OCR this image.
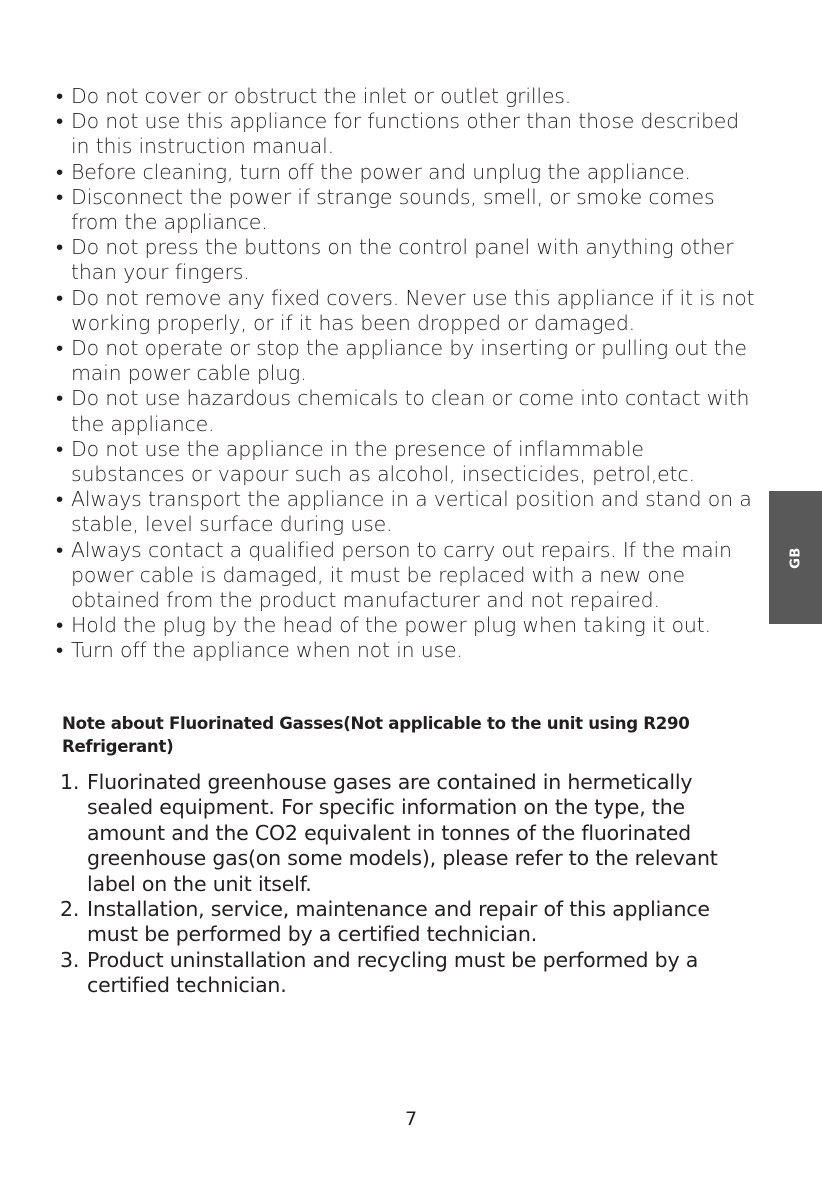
• Do not cover or obstruct the inlet or outlet grilles.
• Do not use this appliance for functions other than those described in this instruction manual.
• Before cleaning, turn off the power and unplug the appliance.
• Disconnect the power if strange sounds, smell, or smoke comes from the appliance.
• Do not press the buttons on the control panel with anything other than your fingers.
• Do not remove any fixed covers. Never use this appliance if it is not working properly, or if it has been dropped or damaged.
• Do not operate or stop the appliance by inserting or pulling out the main power cable plug.
• Do not use hazardous chemicals to clean or come into contact with the appliance.
• Do not use the appliance in the presence of inflammable substances or vapour such as alcohol, insecticides, petrol,etc.
• Always transport the appliance in a vertical position and stand on a stable, level surface during use.
• Always contact a qualified person to carry out repairs. If the main power cable is damaged, it must be replaced with a new one obtained from the product manufacturer and not repaired.
• Hold the plug by the head of the power plug when taking it out.
• Turn off the appliance when not in use.
Note about Fluorinated Gasses(Not applicable to the unit using R290 Refrigerant)
1. Fluorinated greenhouse gases are contained in hermetically sealed equipment. For specific information on the type, the amount and the CO2 equivalent in tonnes of the fluorinated greenhouse gas(on some models), please refer to the relevant label on the unit itself.
2. Installation, service, maintenance and repair of this appliance must be performed by a certified technician.
3. Product uninstallation and recycling must be performed by a certified technician.
GB
7
